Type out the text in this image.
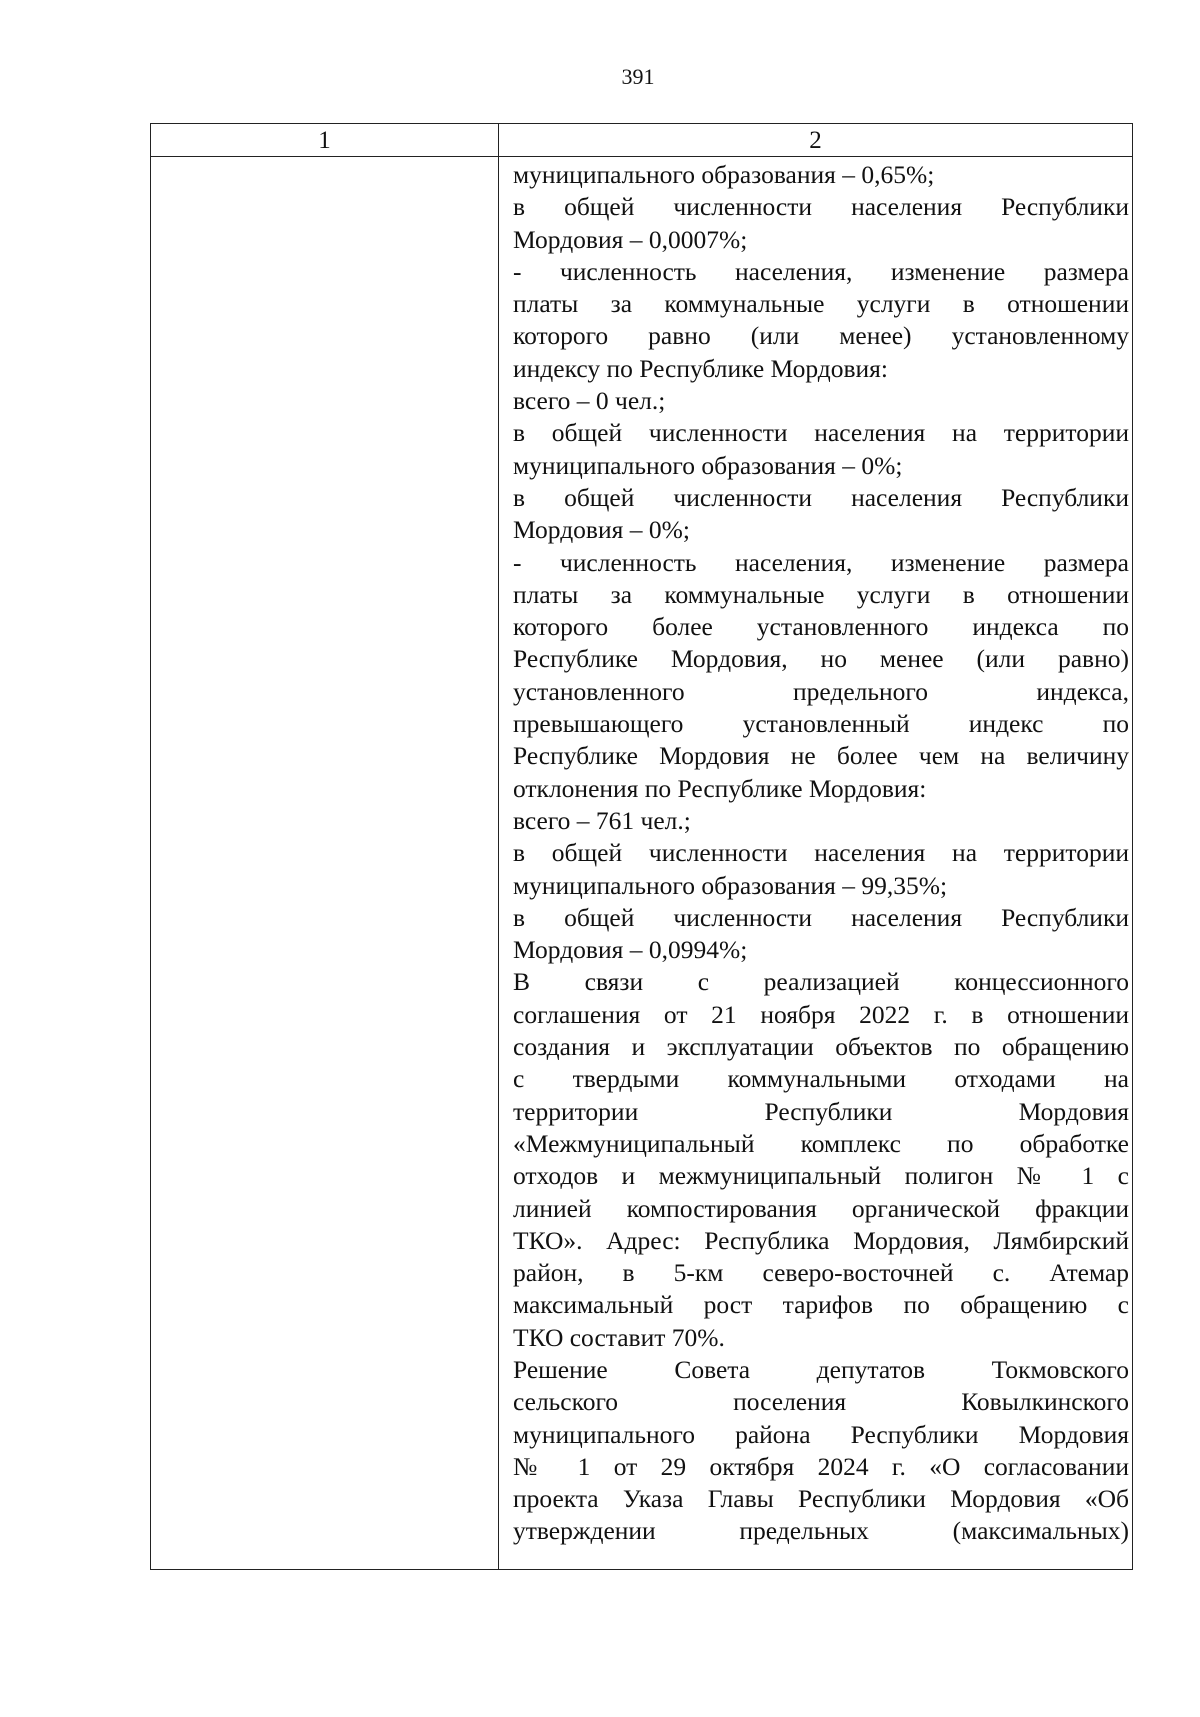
391
1	2
муниципального образования – 0,65%;
в общей численности населения Республики
Мордовия – 0,0007%;
- численность населения, изменение размера
платы за коммунальные услуги в отношении
которого равно (или менее) установленному
индексу по Республике Мордовия:
всего – 0 чел.;
в общей численности населения на территории
муниципального образования – 0%;
в общей численности населения Республики
Мордовия – 0%;
- численность населения, изменение размера
платы за коммунальные услуги в отношении
которого более установленного индекса по
Республике Мордовия, но менее (или равно)
установленного предельного индекса,
превышающего установленный индекс по
Республике Мордовия не более чем на величину
отклонения по Республике Мордовия:
всего – 761 чел.;
в общей численности населения на территории
муниципального образования – 99,35%;
в общей численности населения Республики
Мордовия – 0,0994%;
В связи с реализацией концессионного
соглашения от 21 ноября 2022 г. в отношении
создания и эксплуатации объектов по обращению
с твердыми коммунальными отходами на
территории Республики Мордовия
«Межмуниципальный комплекс по обработке
отходов и межмуниципальный полигон № 1 с
линией компостирования органической фракции
ТКО». Адрес: Республика Мордовия, Лямбирский
район, в 5-км северо-восточней с. Атемар
максимальный рост тарифов по обращению с
ТКО составит 70%.
Решение Совета депутатов Токмовского
сельского поселения Ковылкинского
муниципального района Республики Мордовия
№ 1 от 29 октября 2024 г. «О согласовании
проекта Указа Главы Республики Мордовия «Об
утверждении предельных (максимальных)
